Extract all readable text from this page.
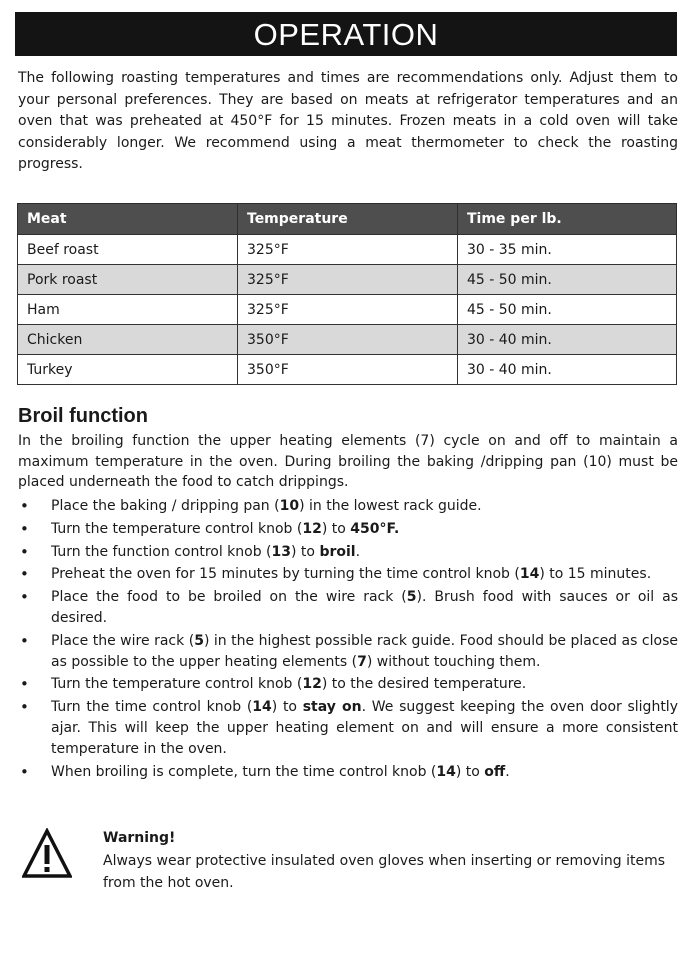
OPERATION

The following roasting temperatures and times are recommendations only. Adjust them to your personal preferences. They are based on meats at refrigerator temperatures and an oven that was preheated at 450°F for 15 minutes. Frozen meats in a cold oven will take considerably longer. We recommend using a meat thermometer to check the roasting progress.

Meat	Temperature	Time per lb.
Beef roast	325°F	30 - 35 min.
Pork roast	325°F	45 - 50 min.
Ham	325°F	45 - 50 min.
Chicken	350°F	30 - 40 min.
Turkey	350°F	30 - 40 min.
Broil function

In the broiling function the upper heating elements (7) cycle on and off to maintain a maximum temperature in the oven. During broiling the baking /dripping pan (10) must be placed underneath the food to catch drippings.

• Place the baking / dripping pan (10) in the lowest rack guide.
• Turn the temperature control knob (12) to 450°F.
• Turn the function control knob (13) to broil.
• Preheat the oven for 15 minutes by turning the time control knob (14) to 15 minutes.
• Place the food to be broiled on the wire rack (5). Brush food with sauces or oil as desired.
• Place the wire rack (5) in the highest possible rack guide. Food should be placed as close as possible to the upper heating elements (7) without touching them.
• Turn the temperature control knob (12) to the desired temperature.
• Turn the time control knob (14) to stay on. We suggest keeping the oven door slightly ajar. This will keep the upper heating element on and will ensure a more consistent temperature in the oven.
• When broiling is complete, turn the time control knob (14) to off.

Warning!

Always wear protective insulated oven gloves when inserting or removing items from the hot oven.
